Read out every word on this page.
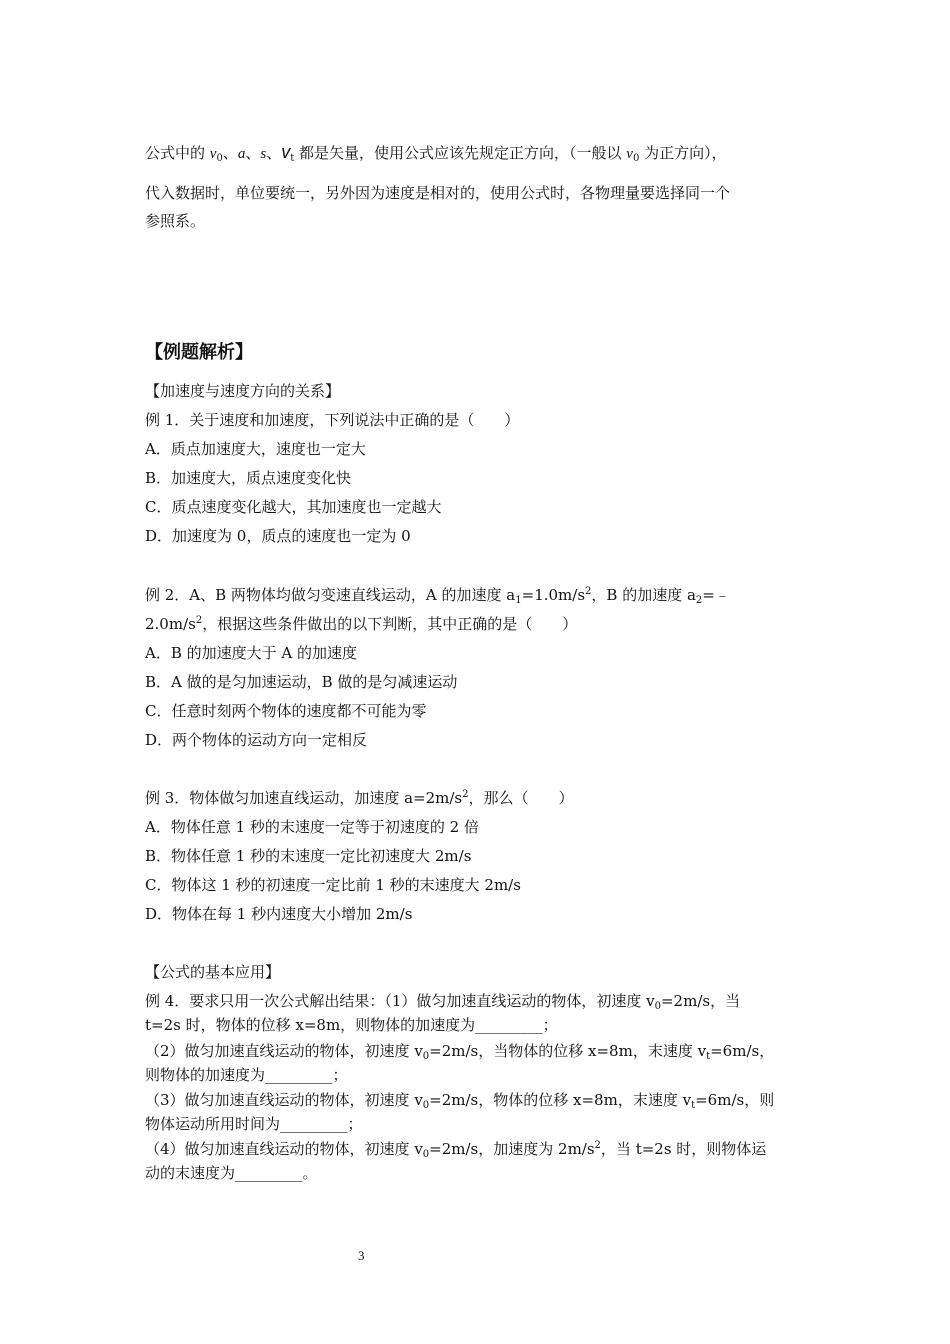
公式中的 $v_0$、a、s、$v_t$ 都是矢量，使用公式应该先规定正方向，（一般以 $v_0$ 为正方向），
代入数据时，单位要统一，另外因为速度是相对的，使用公式时，各物理量要选择同一个
参照系。
【例题解析】
【加速度与速度方向的关系】
例 1．关于速度和加速度，下列说法中正确的是（　　）
A．质点加速度大，速度也一定大
B．加速度大，质点速度变化快
C．质点速度变化越大，其加速度也一定越大
D．加速度为 0，质点的速度也一定为 0
例 2．A、B 两物体均做匀变速直线运动，A 的加速度 $a_1=1.0m/s^2$，B 的加速度 $a_2=﹣$
$2.0m/s^2$，根据这些条件做出的以下判断，其中正确的是（　　）
A．B 的加速度大于 A 的加速度
B．A 做的是匀加速运动，B 做的是匀减速运动
C．任意时刻两个物体的速度都不可能为零
D．两个物体的运动方向一定相反
例 3．物体做匀加速直线运动，加速度 $a=2m/s^2$，那么（　　）
A．物体任意 1 秒的末速度一定等于初速度的 2 倍
B．物体任意 1 秒的末速度一定比初速度大 2m/s
C．物体这 1 秒的初速度一定比前 1 秒的末速度大 2m/s
D．物体在每 1 秒内速度大小增加 2m/s
【公式的基本应用】
例 4．要求只用一次公式解出结果：（1）做匀加速直线运动的物体，初速度 $v_0=2m/s$，当
t=2s 时，物体的位移 x=8m，则物体的加速度为_________；
（2）做匀加速直线运动的物体，初速度 $v_0=2m/s$，当物体的位移 x=8m，末速度 $v_t=6m/s$，
则物体的加速度为_________；
（3）做匀加速直线运动的物体，初速度 $v_0=2m/s$，物体的位移 x=8m，末速度 $v_t=6m/s$，则
物体运动所用时间为_________；
（4）做匀加速直线运动的物体，初速度 $v_0=2m/s$，加速度为 $2m/s^2$，当 t=2s 时，则物体运
动的末速度为_________。
3
